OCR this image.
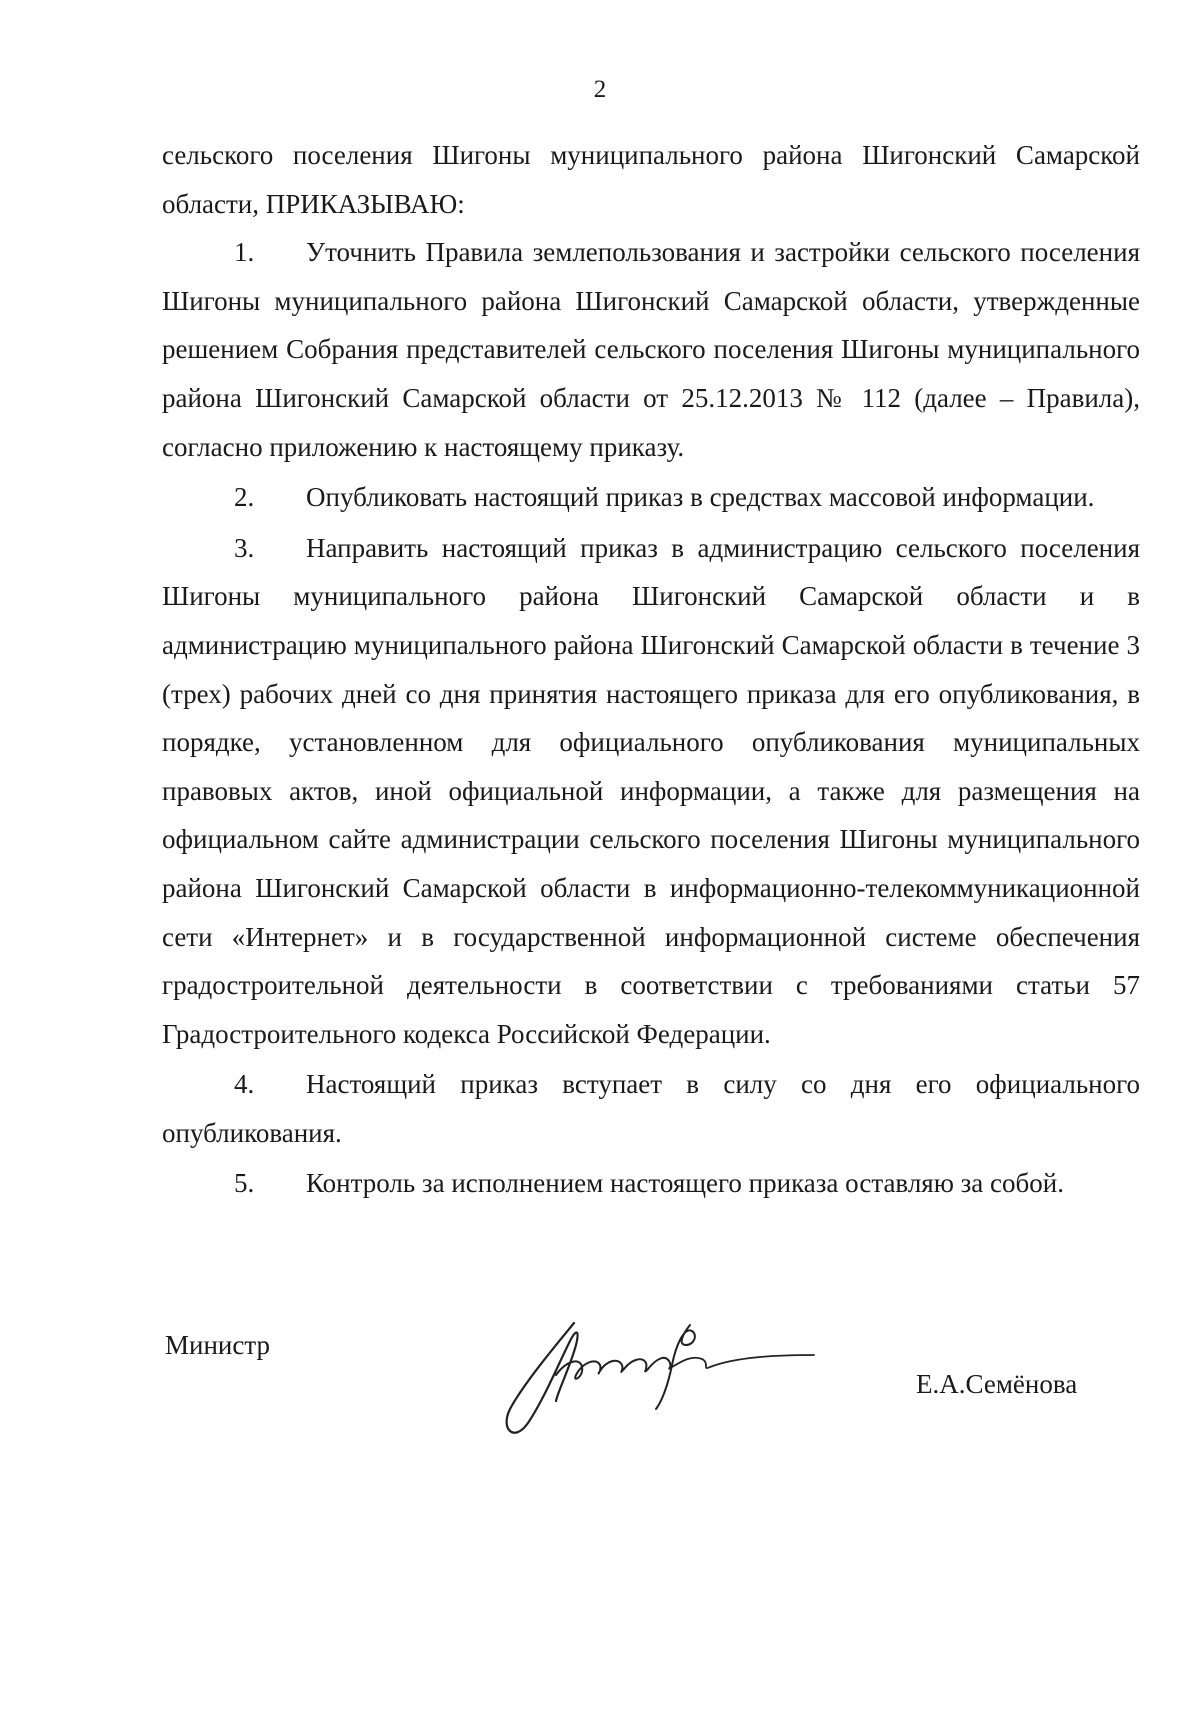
2

сельского поселения Шигоны муниципального района Шигонский Самарской области, ПРИКАЗЫВАЮ:

1. Уточнить Правила землепользования и застройки сельского поселения Шигоны муниципального района Шигонский Самарской области, утвержденные решением Собрания представителей сельского поселения Шигоны муниципального района Шигонский Самарской области от 25.12.2013 № 112 (далее – Правила), согласно приложению к настоящему приказу.

2. Опубликовать настоящий приказ в средствах массовой информации.

3. Направить настоящий приказ в администрацию сельского поселения Шигоны муниципального района Шигонский Самарской области и в администрацию муниципального района Шигонский Самарской области в течение 3 (трех) рабочих дней со дня принятия настоящего приказа для его опубликования, в порядке, установленном для официального опубликования муниципальных правовых актов, иной официальной информации, а также для размещения на официальном сайте администрации сельского поселения Шигоны муниципального района Шигонский Самарской области в информационно-телекоммуникационной сети «Интернет» и в государственной информационной системе обеспечения градостроительной деятельности в соответствии с требованиями статьи 57 Градостроительного кодекса Российской Федерации.

4. Настоящий приказ вступает в силу со дня его официального опубликования.

5. Контроль за исполнением настоящего приказа оставляю за собой.

Министр
Е.А.Семёнова
